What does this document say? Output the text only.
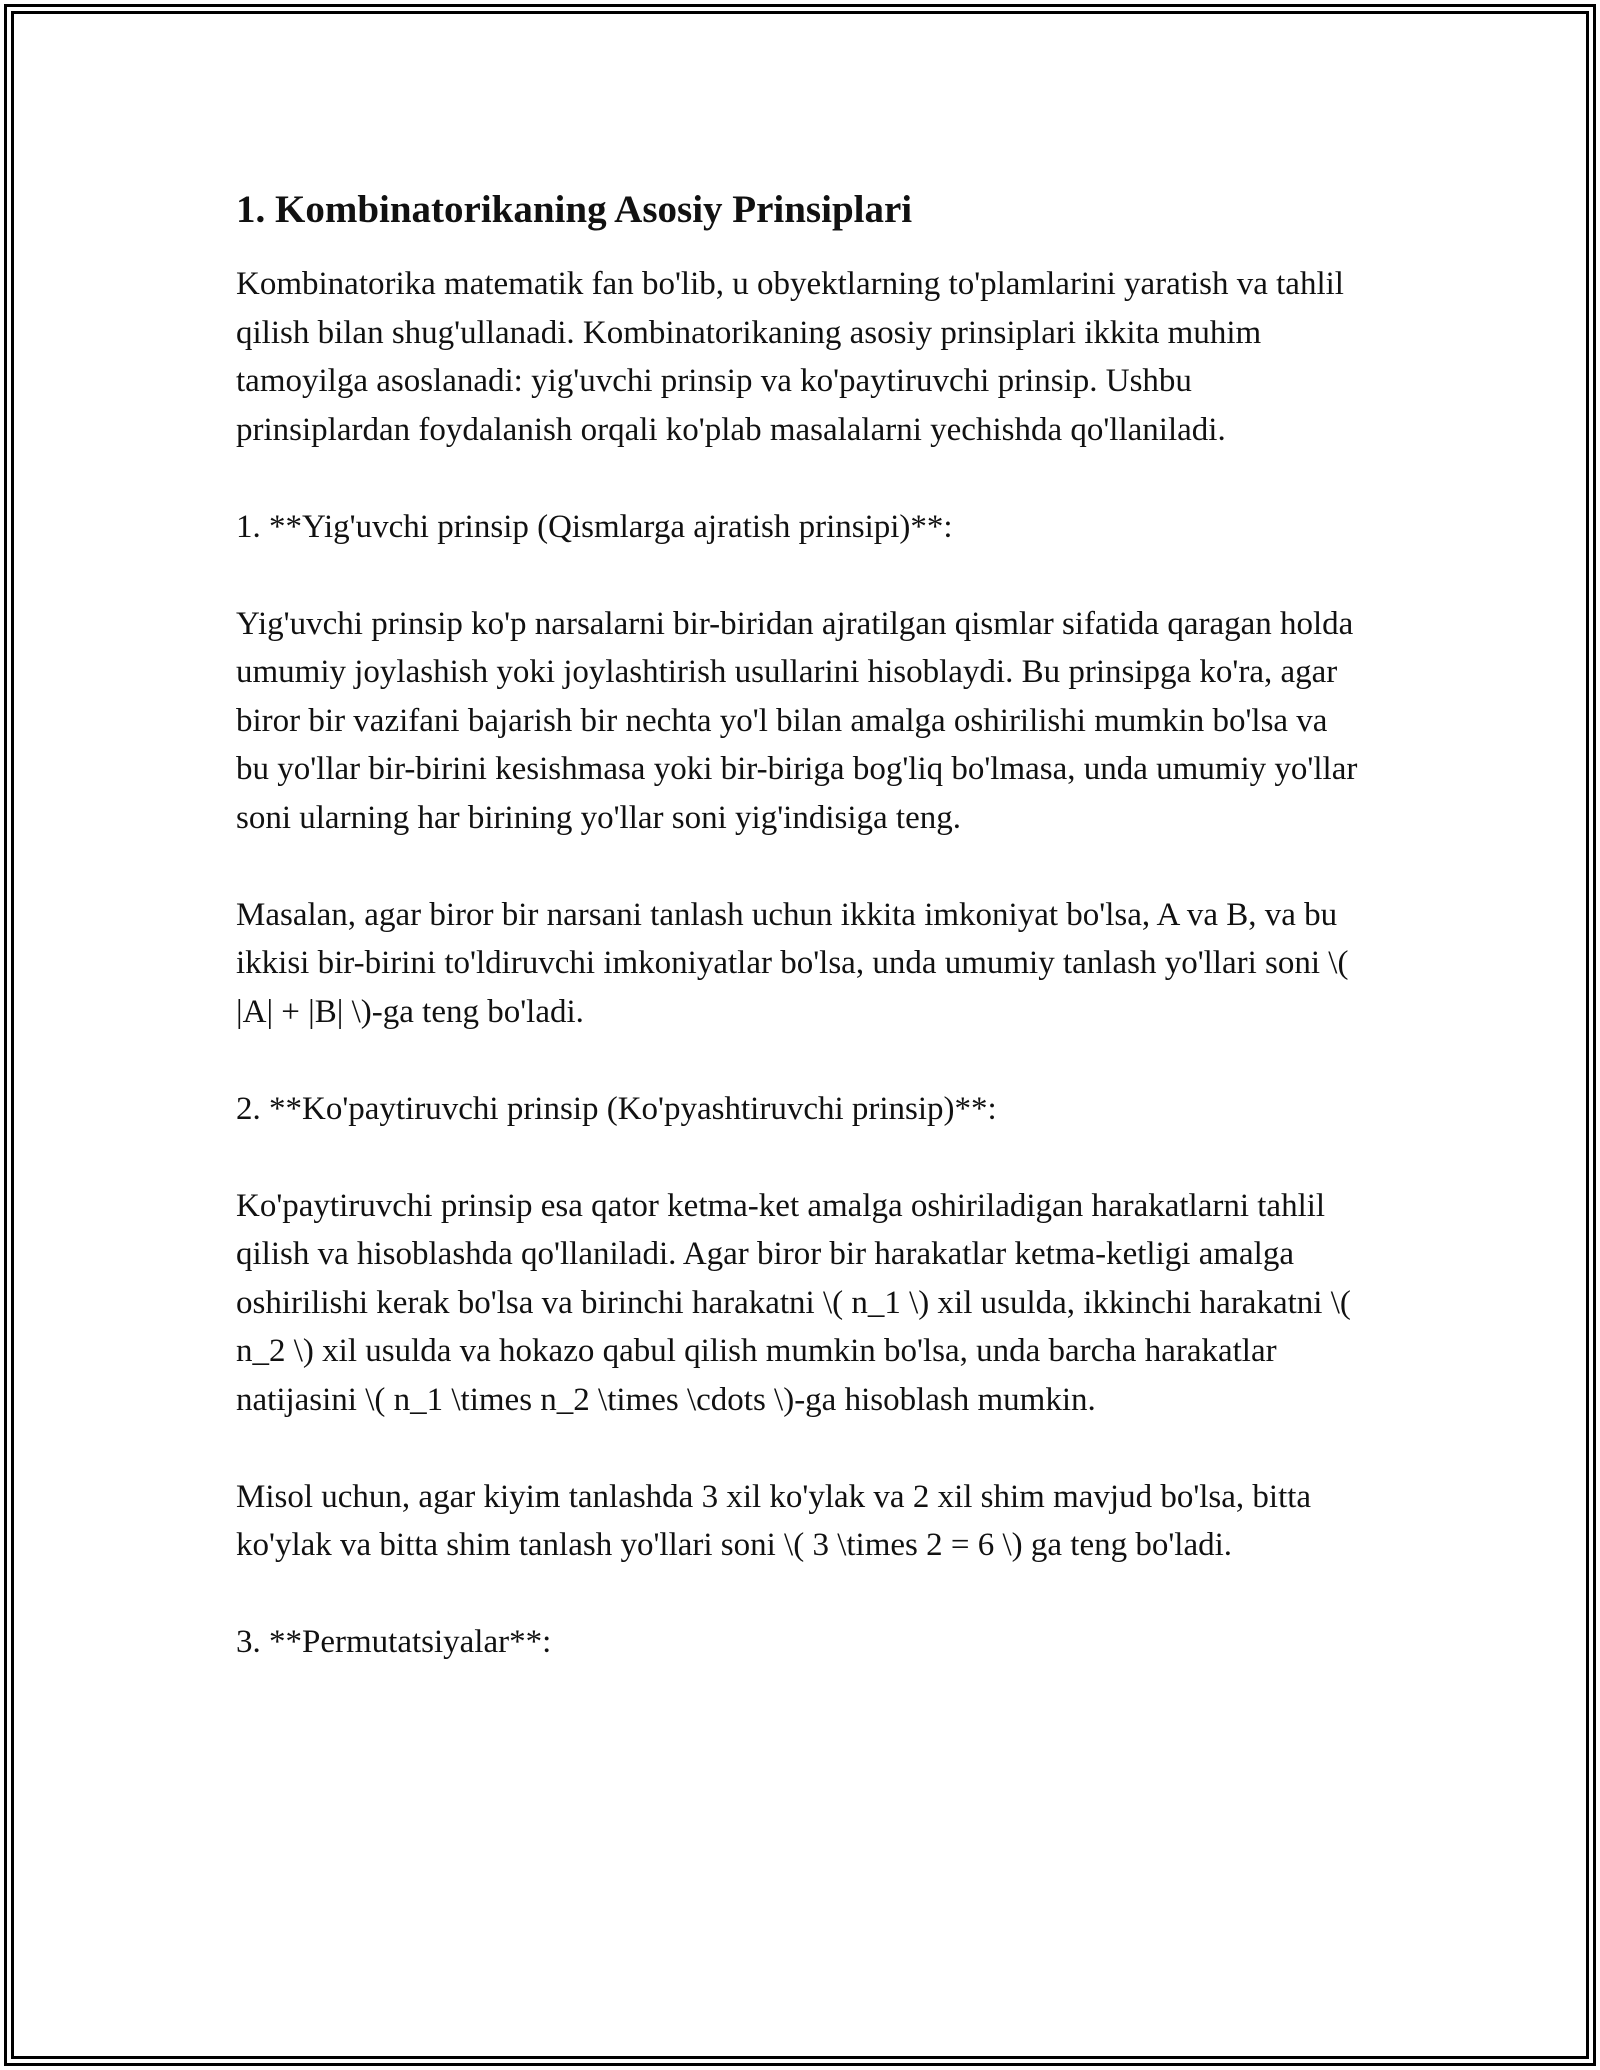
1. Kombinatorikaning Asosiy Prinsiplari

Kombinatorika matematik fan bo'lib, u obyektlarning to'plamlarini yaratish va tahlil qilish bilan shug'ullanadi. Kombinatorikaning asosiy prinsiplari ikkita muhim tamoyilga asoslanadi: yig'uvchi prinsip va ko'paytiruvchi prinsip. Ushbu prinsiplardan foydalanish orqali ko'plab masalalarni yechishda qo'llaniladi.

1. **Yig'uvchi prinsip (Qismlarga ajratish prinsipi)**:

Yig'uvchi prinsip ko'p narsalarni bir-biridan ajratilgan qismlar sifatida qaragan holda umumiy joylashish yoki joylashtirish usullarini hisoblaydi. Bu prinsipga ko'ra, agar biror bir vazifani bajarish bir nechta yo'l bilan amalga oshirilishi mumkin bo'lsa va bu yo'llar bir-birini kesishmasa yoki bir-biriga bog'liq bo'lmasa, unda umumiy yo'llar soni ularning har birining yo'llar soni yig'indisiga teng.

Masalan, agar biror bir narsani tanlash uchun ikkita imkoniyat bo'lsa, A va B, va bu ikkisi bir-birini to'ldiruvchi imkoniyatlar bo'lsa, unda umumiy tanlash yo'llari soni \( |A| + |B| \)-ga teng bo'ladi.

2. **Ko'paytiruvchi prinsip (Ko'pyashtiruvchi prinsip)**:

Ko'paytiruvchi prinsip esa qator ketma-ket amalga oshiriladigan harakatlarni tahlil qilish va hisoblashda qo'llaniladi. Agar biror bir harakatlar ketma-ketligi amalga oshirilishi kerak bo'lsa va birinchi harakatni \( n_1 \) xil usulda, ikkinchi harakatni \( n_2 \) xil usulda va hokazo qabul qilish mumkin bo'lsa, unda barcha harakatlar natijasini \( n_1 \times n_2 \times \cdots \)-ga hisoblash mumkin.

Misol uchun, agar kiyim tanlashda 3 xil ko'ylak va 2 xil shim mavjud bo'lsa, bitta ko'ylak va bitta shim tanlash yo'llari soni \( 3 \times 2 = 6 \) ga teng bo'ladi.

3. **Permutatsiyalar**:
